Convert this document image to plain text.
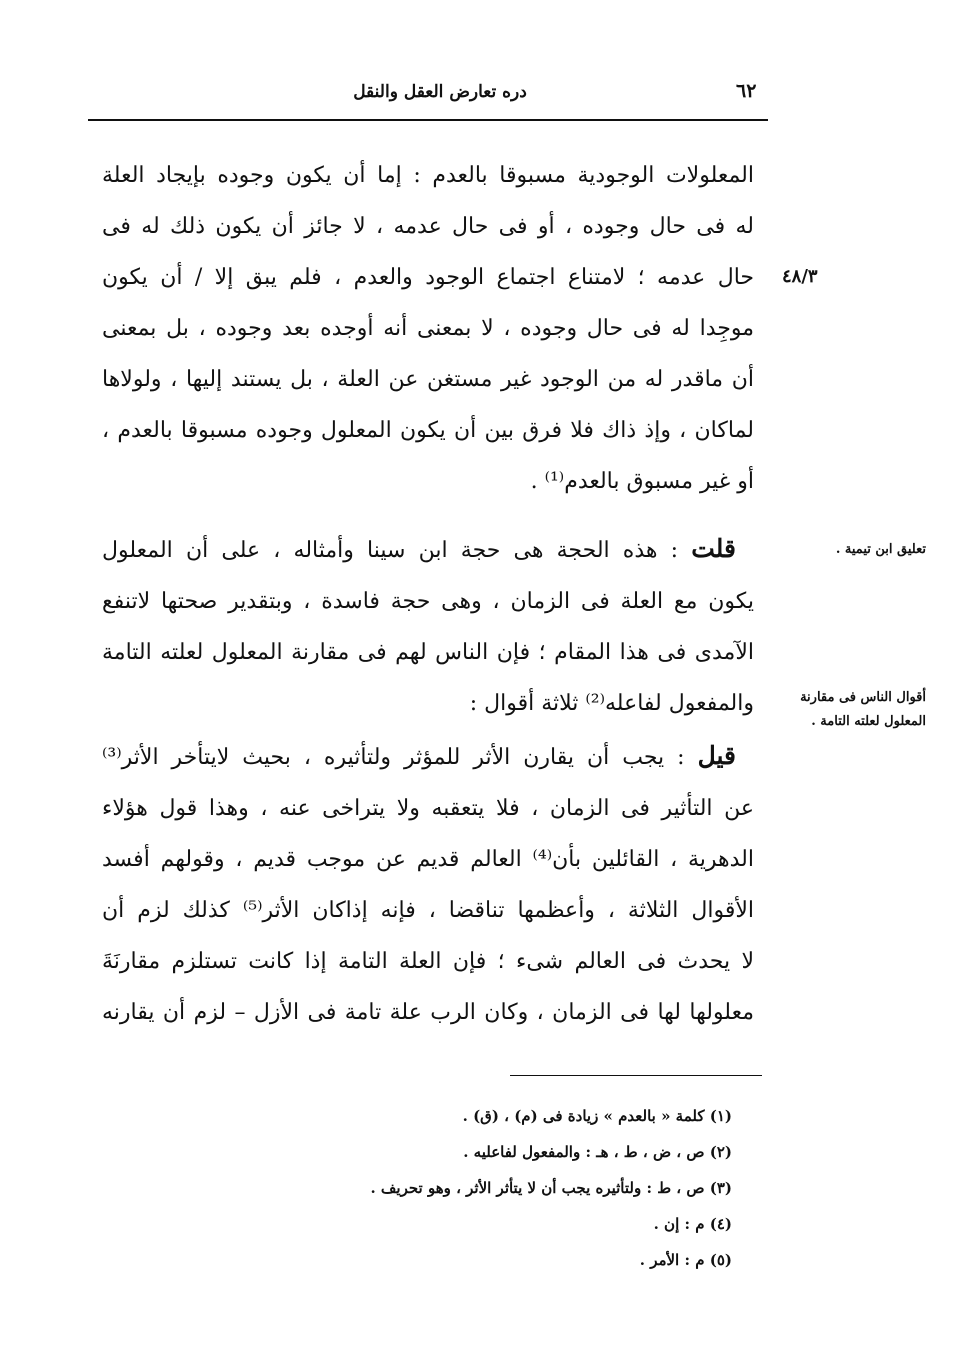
دره تعارض العقل والنقل	٦٢
٤٨/٣
تعليق ابن تيمية .
أقوال الناس فى مقارنة
المعلول لعلته التامة .
المعلولات الوجودية مسبوقا بالعدم : إما أن يكون وجوده بإيجاد العلة
له فى حال وجوده ، أو فى حال عدمه ، لا جائز أن يكون ذلك له فى
حال عدمه ؛ لامتناع اجتماع الوجود والعدم ، فلم يبق إلا / أن يكون
موجِدا له فى حال وجوده ، لا بمعنى أنه أوجده بعد وجوده ، بل بمعنى
أن ماقدر له من الوجود غير مستغن عن العلة ، بل يستند إليها ، ولولاها
لماكان ، وإذ ذاك فلا فرق بين أن يكون المعلول وجوده مسبوقا بالعدم ،
أو غير مسبوق بالعدم⁽¹⁾ .
قلت : هذه الحجة هى حجة ابن سينا وأمثاله ، على أن المعلول
يكون مع العلة فى الزمان ، وهى حجة فاسدة ، وبتقدير صحتها لاتنفع
الآمدى فى هذا المقام ؛ فإن الناس لهم فى مقارنة المعلول لعلته التامة
والمفعول لفاعله⁽²⁾ ثلاثة أقوال :
قيل : يجب أن يقارن الأثر للمؤثر ولتأثيره ، بحيث لايتأخر الأثر⁽³⁾
عن التأثير فى الزمان ، فلا يتعقبه ولا يتراخى عنه ، وهذا قول هؤلاء
الدهرية ، القائلين بأن⁽⁴⁾ العالم قديم عن موجب قديم ، وقولهم أفسد
الأقوال الثلاثة ، وأعظمها تناقضا ، فإنه إذاكان الأثر⁽⁵⁾ كذلك لزم أن
لا يحدث فى العالم شىء ؛ فإن العلة التامة إذا كانت تستلزم مقارنَةَ
معلولها لها فى الزمان ، وكان الرب علة تامة فى الأزل – لزم أن يقارنه
(١) كلمة « بالعدم » زيادة فى (م) ، (ق) .
(٢) ص ، ض ، ط ، هـ : والمفعول لفاعليه .
(٣) ص ، ط : ولتأثيره يجب أن لا يتأثر الأثر ، وهو تحريف .
(٤) م : إن .
(٥) م : الأمر .
